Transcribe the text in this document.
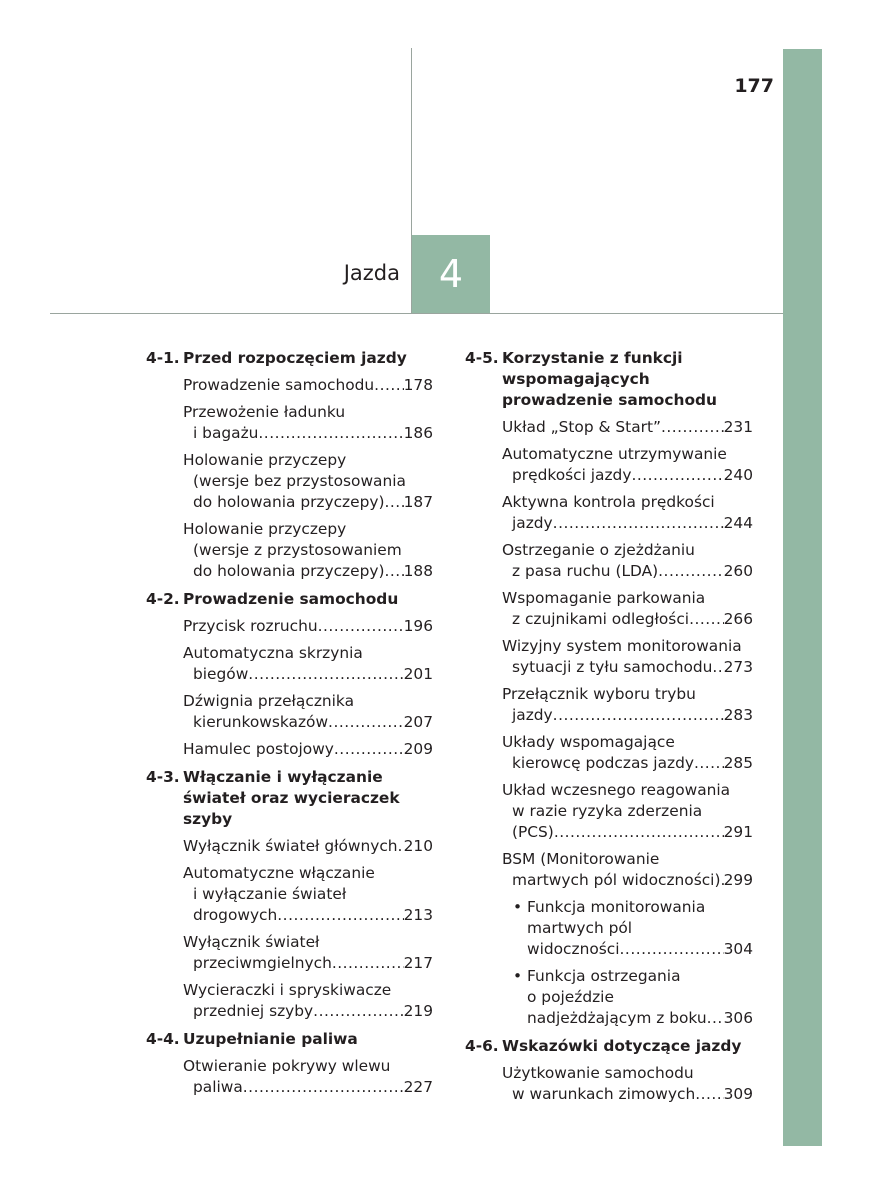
177
Jazda	4
4-1. Przed rozpoczęciem jazdy
Prowadzenie samochodu ..... 178
Przewożenie ładunku
i bagażu .....	186
Holowanie przyczepy
(wersje bez przystosowania
do holowania przyczepy) ..... 187
Holowanie przyczepy
(wersje z przystosowaniem
do holowania przyczepy) ..... 188
4-2. Prowadzenie samochodu
Przycisk rozruchu .....	196
Automatyczna skrzynia
biegów .....	201
Dźwignia przełącznika
kierunkowskazów .....	207
Hamulec postojowy .....	209
4-3. Włączanie i wyłączanie świateł oraz wycieraczek szyby
Wyłącznik świateł głównych ..... 210
Automatyczne włączanie
i wyłączanie świateł
drogowych .....	213
Wyłącznik świateł
przeciwmgielnych .....	217
Wycieraczki i spryskiwacze
przedniej szyby .....	219
4-4. Uzupełnianie paliwa
Otwieranie pokrywy wlewu
paliwa .....	227
4-5. Korzystanie z funkcji wspomagających prowadzenie samochodu
Układ „Stop & Start” .....	231
Automatyczne utrzymywanie
prędkości jazdy .....	240
Aktywna kontrola prędkości
jazdy .....	244
Ostrzeganie o zjeżdżaniu
z pasa ruchu (LDA) .....	260
Wspomaganie parkowania
z czujnikami odległości ..... 266
Wizyjny system monitorowania
sytuacji z tyłu samochodu ..... 273
Przełącznik wyboru trybu
jazdy .....	283
Układy wspomagające
kierowcę podczas jazdy ..... 285
Układ wczesnego reagowania
w razie ryzyka zderzenia
(PCS) .....	291
BSM (Monitorowanie
martwych pól widoczności) ..... 299
• Funkcja monitorowania
martwych pól
widoczności .....	304
• Funkcja ostrzegania
o pojeździe
nadjeżdżającym z boku ..... 306
4-6. Wskazówki dotyczące jazdy
Użytkowanie samochodu
w warunkach zimowych ..... 309
